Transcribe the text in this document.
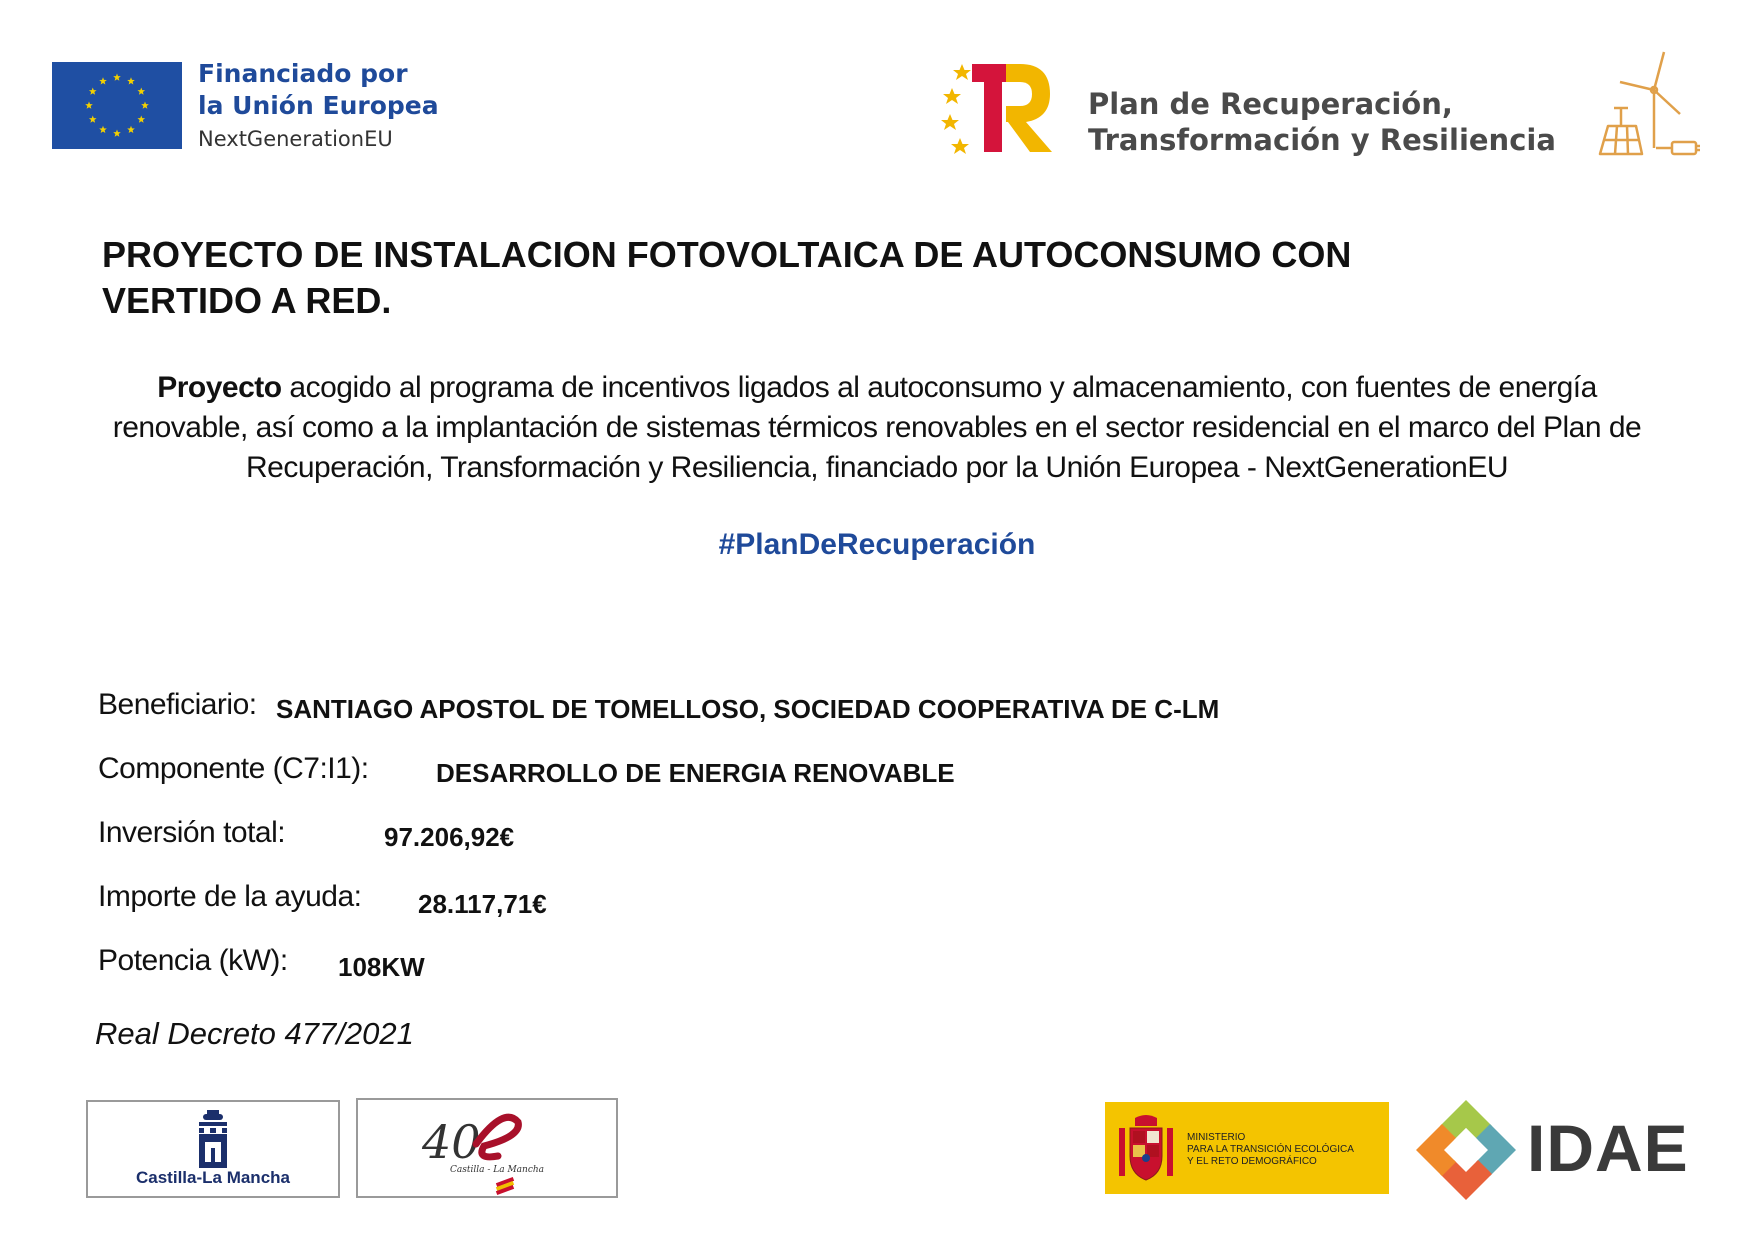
Financiado por
la Unión Europea
NextGenerationEU
Plan de Recuperación,
Transformación y Resiliencia
PROYECTO DE INSTALACION FOTOVOLTAICA DE AUTOCONSUMO CON
VERTIDO A RED.
Proyecto acogido al programa de incentivos ligados al autoconsumo y almacenamiento, con fuentes de energía renovable, así como a la implantación de sistemas térmicos renovables en el sector residencial en el marco del Plan de Recuperación, Transformación y Resiliencia, financiado por la Unión Europea - NextGenerationEU
#PlanDeRecuperación
Beneficiario: SANTIAGO APOSTOL DE TOMELLOSO, SOCIEDAD COOPERATIVA DE C-LM
Componente (C7:I1):	DESARROLLO DE ENERGIA RENOVABLE
Inversión total:	97.206,92€
Importe de la ayuda: 28.117,71€
Potencia (kW): 108KW
Real Decreto 477/2021
Castilla-La Mancha
40
Castilla - La Mancha
MINISTERIO
PARA LA TRANSICIÓN ECOLÓGICA
Y EL RETO DEMOGRÁFICO	IDAE
